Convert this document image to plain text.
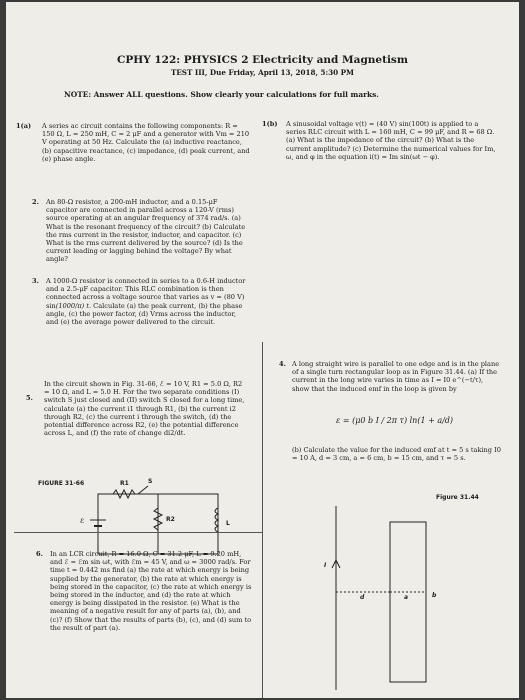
CPHY 122: PHYSICS 2 Electricity and Magnetism
TEST III, Due Friday, April 13, 2018, 5:30 PM
NOTE: Answer ALL questions. Show clearly your calculations for full marks.
1(a)	A series ac circuit contains the following components: R = 150 Ω, L = 250 mH, C = 2 μF and a generator with Vm = 210 V operating at 50 Hz. Calculate the (a) inductive reactance, (b) capacitive reactance, (c) impedance, (d) peak current, and (e) phase angle.
1(b)	A sinusoidal voltage v(t) = (40 V) sin(100t) is applied to a series RLC circuit with L = 160 mH, C = 99 μF, and R = 68 Ω. (a) What is the impedance of the circuit? (b) What is the current amplitude? (c) Determine the numerical values for Im, ω, and φ in the equation i(t) = Im sin(ωt − φ).
2.	An 80-Ω resistor, a 200-mH inductor, and a 0.15-μF capacitor are connected in parallel across a 120-V (rms) source operating at an angular frequency of 374 rad/s. (a) What is the resonant frequency of the circuit? (b) Calculate the rms current in the resistor, inductor, and capacitor. (c) What is the rms current delivered by the source? (d) Is the current leading or lagging behind the voltage? By what angle?
3.	A 1000-Ω resistor is connected in series to a 0.6-H inductor and a 2.5-μF capacitor. This RLC combination is then connected across a voltage source that varies as v = (80 V) sin(1000/π) t. Calculate (a) the peak current, (b) the phase angle, (c) the power factor, (d) Vrms across the inductor, and (e) the average power delivered to the circuit.
4. A long straight wire is parallel to one edge and is in the plane of a single turn rectangular loop as in Figure 31.44. (a) If the current in the long wire varies in time as I = I0 e^(−t/τ), show that the induced emf in the loop is given by
ε = (μ0 b I / 2π τ) ln(1 + a/d)
(b) Calculate the value for the induced emf at t = 5 s taking I0 = 10 A, d = 3 cm, a = 6 cm, b = 15 cm, and τ = 5 s.
5.
In the circuit shown in Fig. 31-66, ℰ = 10 V, R1 = 5.0 Ω, R2 = 10 Ω, and L = 5.0 H. For the two separate conditions (I) switch S just closed and (II) switch S closed for a long time, calculate (a) the current i1 through R1, (b) the current i2 through R2, (c) the current i through the switch, (d) the potential difference across R2, (e) the potential difference across L, and (f) the rate of change di2/dt.
FIGURE 31-66
ℰ
R1
R2
L
S
Figure 31.44
I
d	a	b
6.	In an LCR circuit, R = 16.0 Ω, C = 31.2 μF, L = 9.20 mH, and ℰ = ℰm sin ωt, with ℰm = 45 V, and ω = 3000 rad/s. For time t = 0.442 ms find (a) the rate at which energy is being supplied by the generator, (b) the rate at which energy is being stored in the capacitor, (c) the rate at which energy is being stored in the inductor, and (d) the rate at which energy is being dissipated in the resistor. (e) What is the meaning of a negative result for any of parts (a), (b), and (c)? (f) Show that the results of parts (b), (c), and (d) sum to the result of part (a).
